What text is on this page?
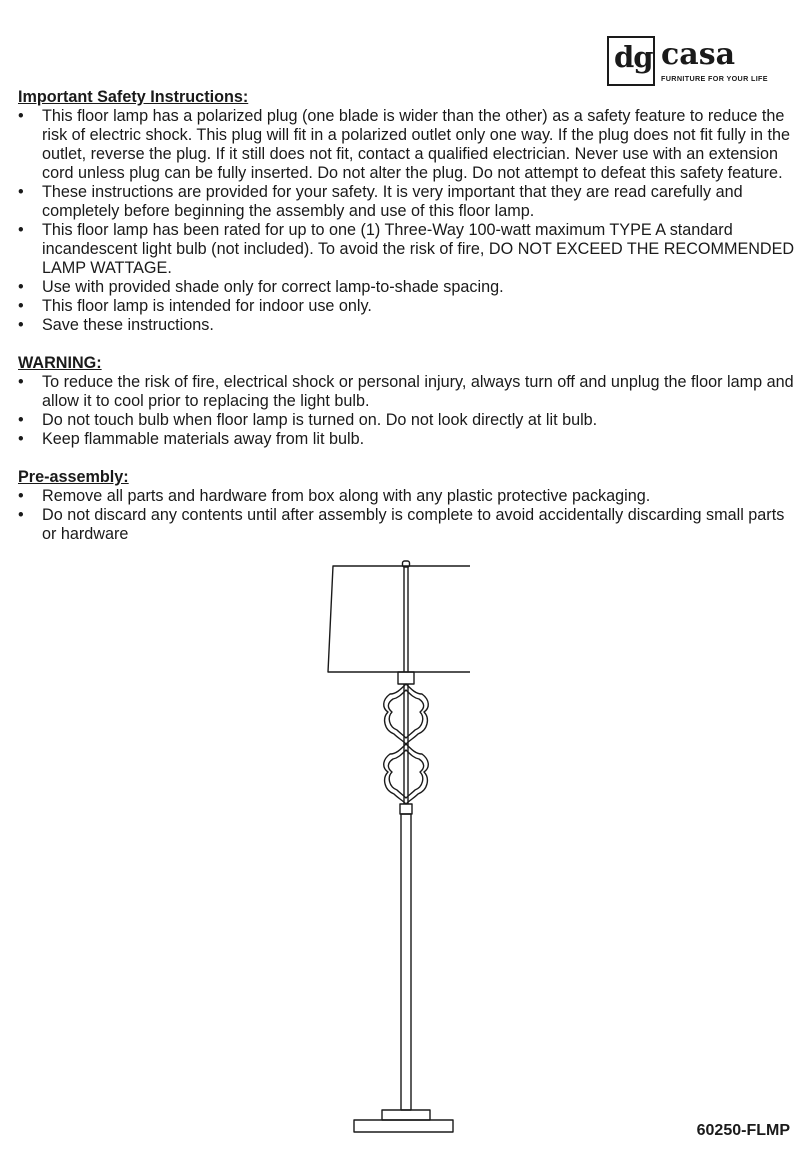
dg casa
FURNITURE FOR YOUR LIFE

Important Safety Instructions:

• This floor lamp has a polarized plug (one blade is wider than the other) as a safety feature to reduce the risk of electric shock. This plug will fit in a polarized outlet only one way. If the plug does not fit fully in the outlet, reverse the plug. If it still does not fit, contact a qualified electrician. Never use with an extension cord unless plug can be fully inserted. Do not alter the plug. Do not attempt to defeat this safety feature.
• These instructions are provided for your safety. It is very important that they are read carefully and completely before beginning the assembly and use of this floor lamp.
• This floor lamp has been rated for up to one (1) Three-Way 100-watt maximum TYPE A standard incandescent light bulb (not included). To avoid the risk of fire, DO NOT EXCEED THE RECOMMENDED LAMP WATTAGE.
• Use with provided shade only for correct lamp-to-shade spacing.
• This floor lamp is intended for indoor use only.
• Save these instructions.

WARNING:

• To reduce the risk of fire, electrical shock or personal injury, always turn off and unplug the floor lamp and allow it to cool prior to replacing the light bulb.
• Do not touch bulb when floor lamp is turned on. Do not look directly at lit bulb.
• Keep flammable materials away from lit bulb.

Pre-assembly:

• Remove all parts and hardware from box along with any plastic protective packaging.
• Do not discard any contents until after assembly is complete to avoid accidentally discarding small parts or hardware
60250-FLMP
